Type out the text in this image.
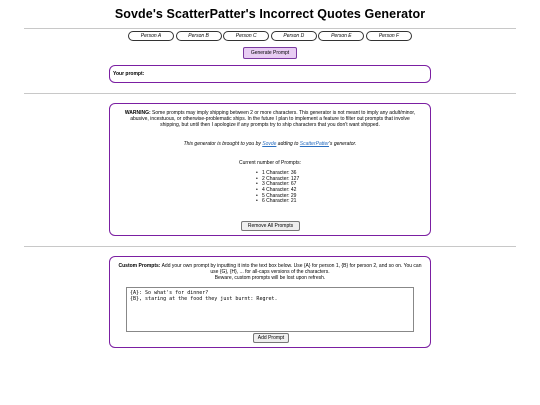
Sovde's ScatterPatter's Incorrect Quotes Generator
Person A	Person B	Person C	Person D	Person E	Person F
Generate Prompt
Your prompt:
WARNING: Some prompts may imply shipping between 2 or more characters. This generator is not meant to imply any adult/minor, abusive, incestuous, or otherwise-problematic ships. In the future I plan to implement a feature to filter out prompts that involve shipping, but until then I apologize if any prompts try to ship characters that you don't want shipped.
This generator is brought to you by Sovde adding to ScatterPatter's generator.
Current number of Prompts:
• 1 Character: 36
• 2 Character: 127
• 3 Character: 67
• 4 Character: 42
• 5 Character: 29
• 6 Character: 21
Remove All Prompts
Custom Prompts: Add your own prompt by inputting it into the text box below. Use {A} for person 1, {B} for person 2, and so on. You can use {G}, {H}, ... for all-caps versions of the characters.
Beware, custom prompts will be lost upon refresh.
{A}: So what's for dinner?
{B}, staring at the food they just burnt: Regret.
Add Prompt
